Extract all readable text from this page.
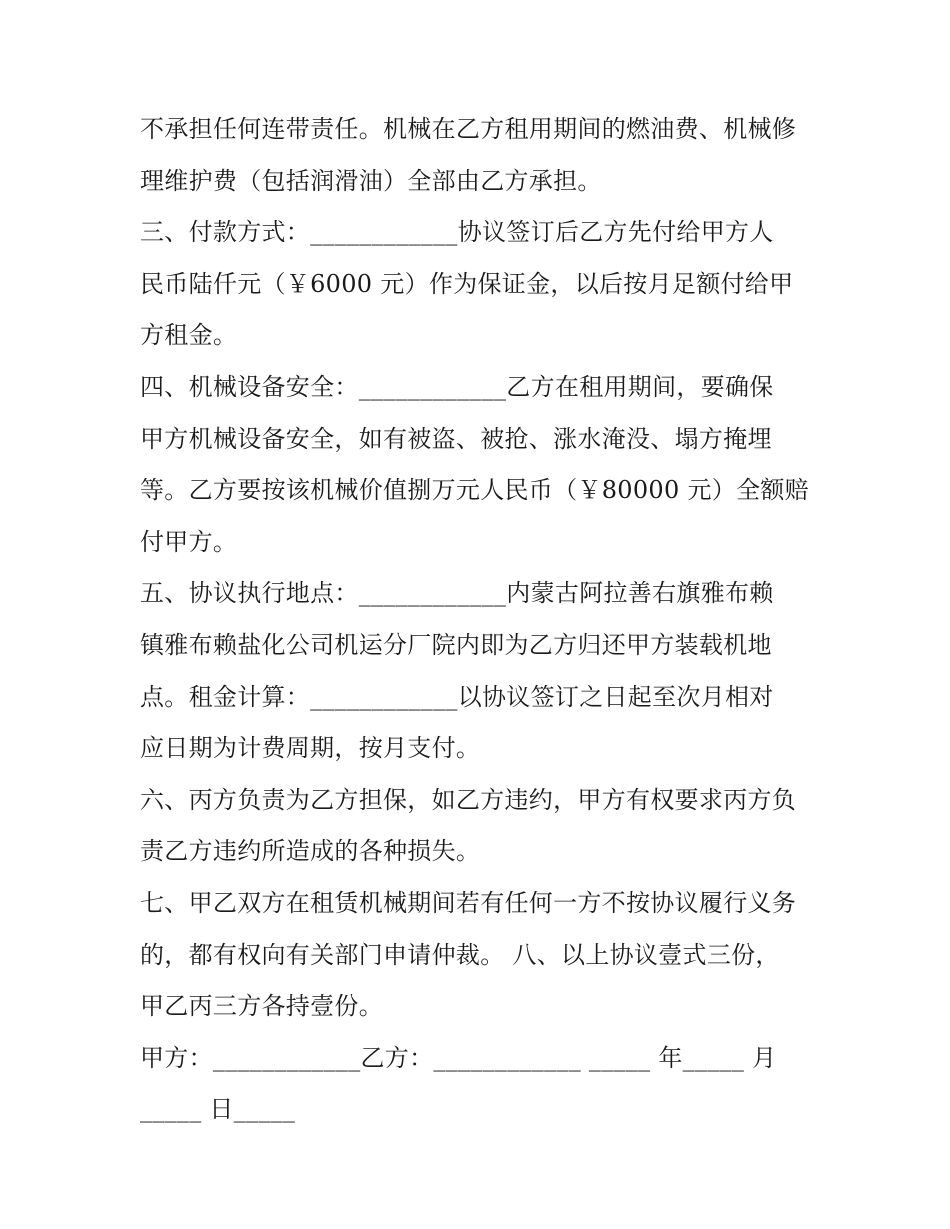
不承担任何连带责任。机械在乙方租用期间的燃油费、机械修
理维护费（包括润滑油）全部由乙方承担。
三、付款方式：____________协议签订后乙方先付给甲方人
民币陆仟元（￥6000 元）作为保证金，以后按月足额付给甲
方租金。
四、机械设备安全：____________乙方在租用期间，要确保
甲方机械设备安全，如有被盗、被抢、涨水淹没、塌方掩埋
等。乙方要按该机械价值捌万元人民币（￥80000 元）全额赔
付甲方。
五、协议执行地点：____________内蒙古阿拉善右旗雅布赖
镇雅布赖盐化公司机运分厂院内即为乙方归还甲方装载机地
点。租金计算：____________以协议签订之日起至次月相对
应日期为计费周期，按月支付。
六、丙方负责为乙方担保，如乙方违约，甲方有权要求丙方负
责乙方违约所造成的各种损失。
七、甲乙双方在租赁机械期间若有任何一方不按协议履行义务
的，都有权向有关部门申请仲裁。 八、以上协议壹式三份，
甲乙丙三方各持壹份。
甲方：____________乙方：____________ _____ 年_____ 月
_____ 日_____
